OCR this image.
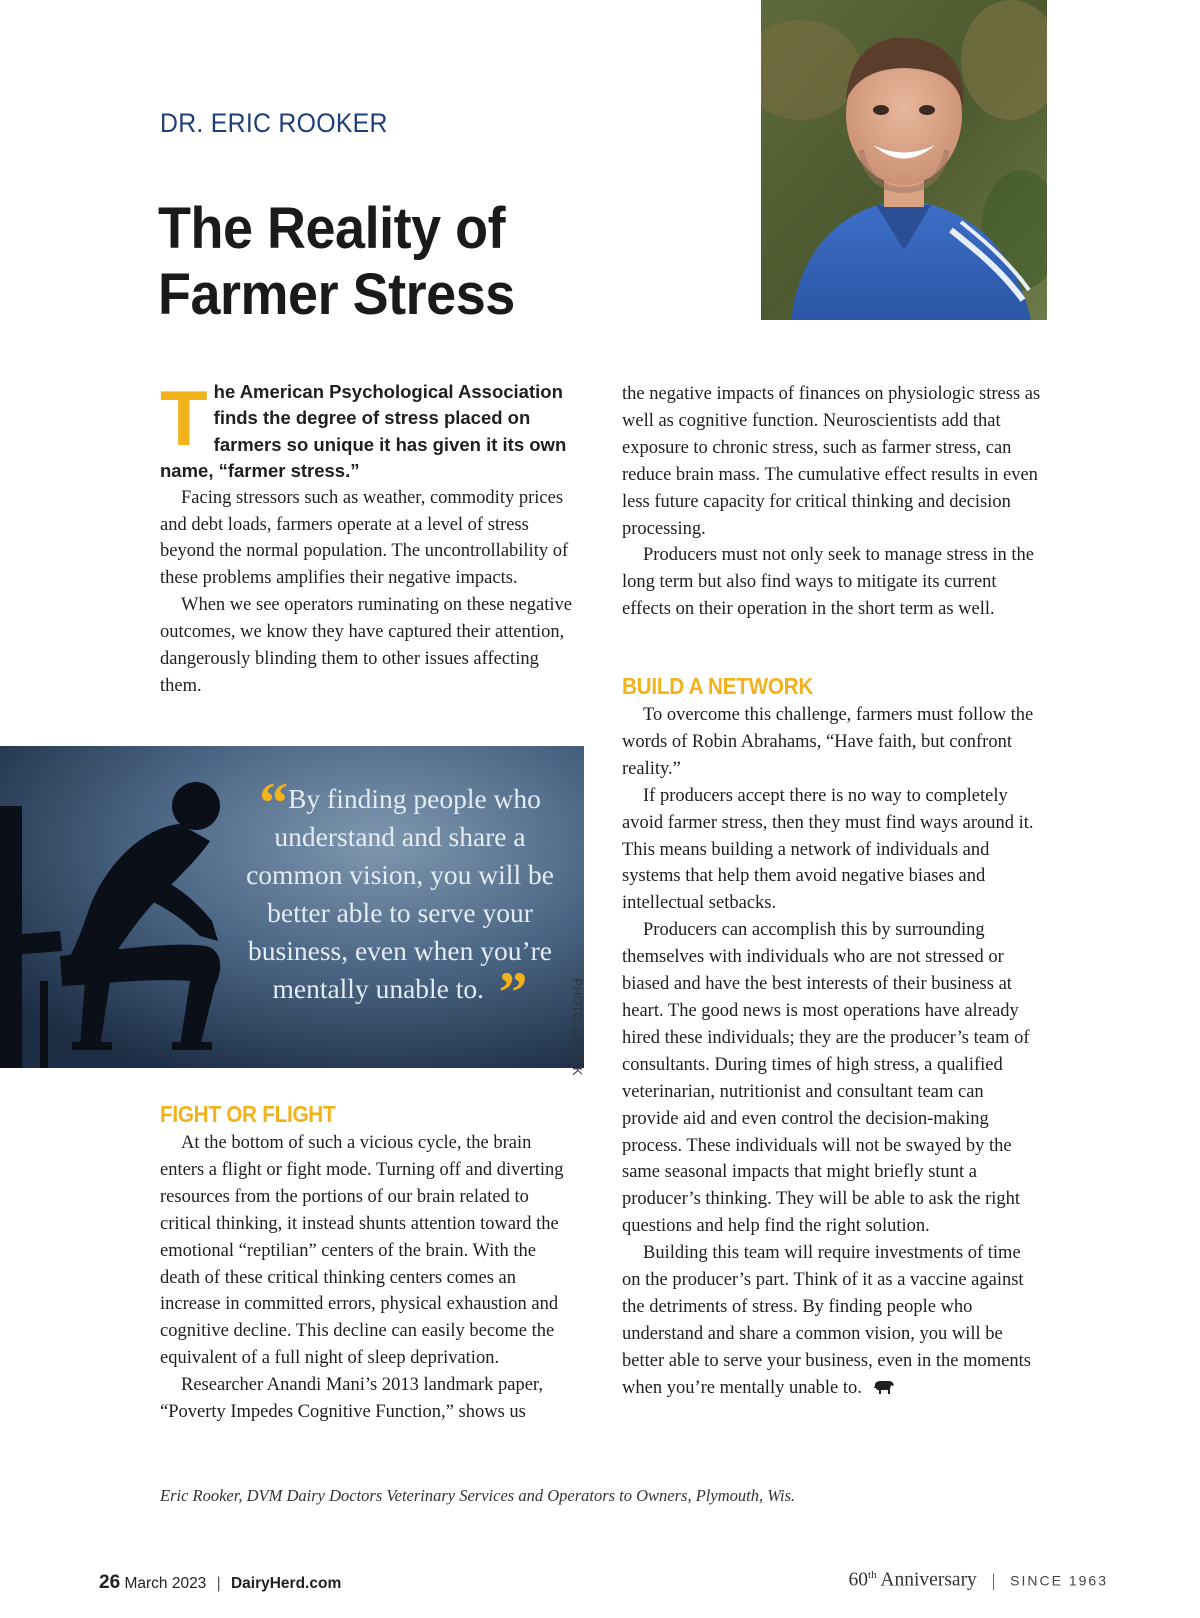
DR. ERIC ROOKER
The Reality of
Farmer Stress
T he American Psychological Association finds the degree of stress placed on farmers so unique it has given it its own name, “farmer stress.”

Facing stressors such as weather, commodity prices and debt loads, farmers operate at a level of stress beyond the normal population. The uncontrollability of these problems amplifies their negative impacts.

When we see operators ruminating on these negative outcomes, we know they have captured their attention, dangerously blinding them to other issues affecting them.

“By finding people who understand and share a common vision, you will be better able to serve your business, even when you’re mentally unable to. ”	PHOTO: ISTOCK
FIGHT OR FLIGHT

At the bottom of such a vicious cycle, the brain enters a flight or fight mode. Turning off and diverting resources from the portions of our brain related to critical thinking, it instead shunts attention toward the emotional “reptilian” centers of the brain. With the death of these critical thinking centers comes an increase in committed errors, physical exhaustion and cognitive decline. This decline can easily become the equivalent of a full night of sleep deprivation.

Researcher Anandi Mani’s 2013 landmark paper, “Poverty Impedes Cognitive Function,” shows us

the negative impacts of finances on physiologic stress as well as cognitive function. Neuroscientists add that exposure to chronic stress, such as farmer stress, can reduce brain mass. The cumulative effect results in even less future capacity for critical thinking and decision processing.

Producers must not only seek to manage stress in the long term but also find ways to mitigate its current effects on their operation in the short term as well.

BUILD A NETWORK

To overcome this challenge, farmers must follow the words of Robin Abrahams, “Have faith, but confront reality.”

If producers accept there is no way to completely avoid farmer stress, then they must find ways around it. This means building a network of individuals and systems that help them avoid negative biases and intellectual setbacks.

Producers can accomplish this by surrounding themselves with individuals who are not stressed or biased and have the best interests of their business at heart. The good news is most operations have already hired these individuals; they are the producer’s team of consultants. During times of high stress, a qualified veterinarian, nutritionist and consultant team can provide aid and even control the decision-making process. These individuals will not be swayed by the same seasonal impacts that might briefly stunt a producer’s thinking. They will be able to ask the right questions and help find the right solution.

Building this team will require investments of time on the producer’s part. Think of it as a vaccine against the detriments of stress. By finding people who understand and share a common vision, you will be better able to serve your business, even in the moments when you’re mentally unable to.

Eric Rooker, DVM Dairy Doctors Veterinary Services and Operators to Owners, Plymouth, Wis.
26 March 2023 | DairyHerd.com	60th Anniversary | SINCE 1963
